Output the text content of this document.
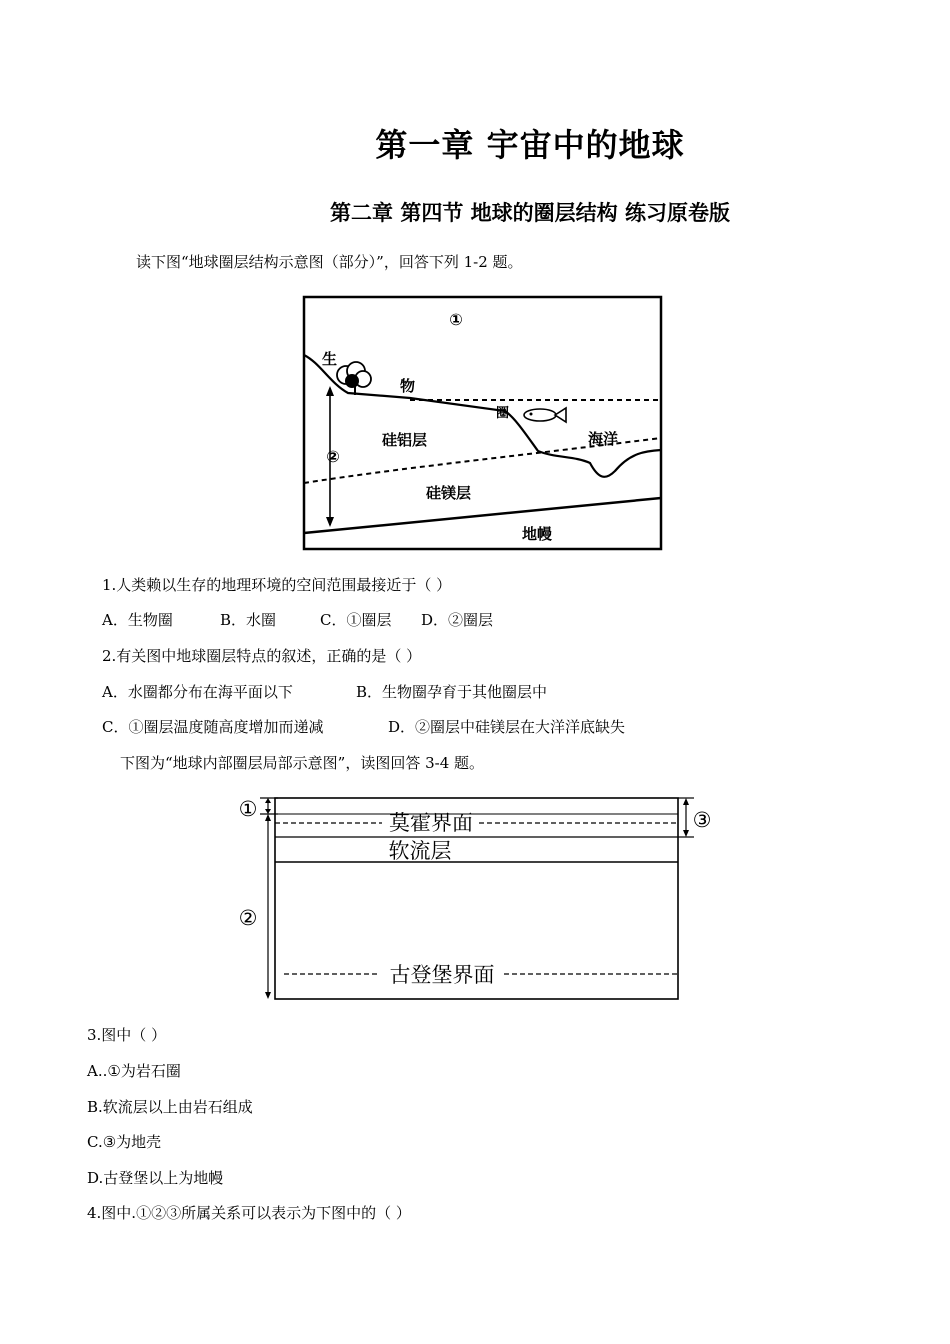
第一章 宇宙中的地球
第二章 第四节 地球的圈层结构 练习原卷版
读下图“地球圈层结构示意图（部分）”，回答下列 1-2 题。
①
②
生
物
圈
硅铝层	海洋
硅镁层
地幔
1.人类赖以生存的地理环境的空间范围最接近于（ ）
A．生物圈	B．水圈	C．①圈层 D．②圈层
2.有关图中地球圈层特点的叙述，正确的是（ ）
A．水圈都分布在海平面以下	B．生物圈孕育于其他圈层中
C．①圈层温度随高度增加而递减	D．②圈层中硅镁层在大洋洋底缺失
下图为“地球内部圈层局部示意图”，读图回答 3-4 题。
①
②
③
莫霍界面
软流层
古登堡界面
3.图中（ ）
A..①为岩石圈
B.软流层以上由岩石组成
C.③为地壳
D.古登堡以上为地幔
4.图中.①②③所属关系可以表示为下图中的（ ）
